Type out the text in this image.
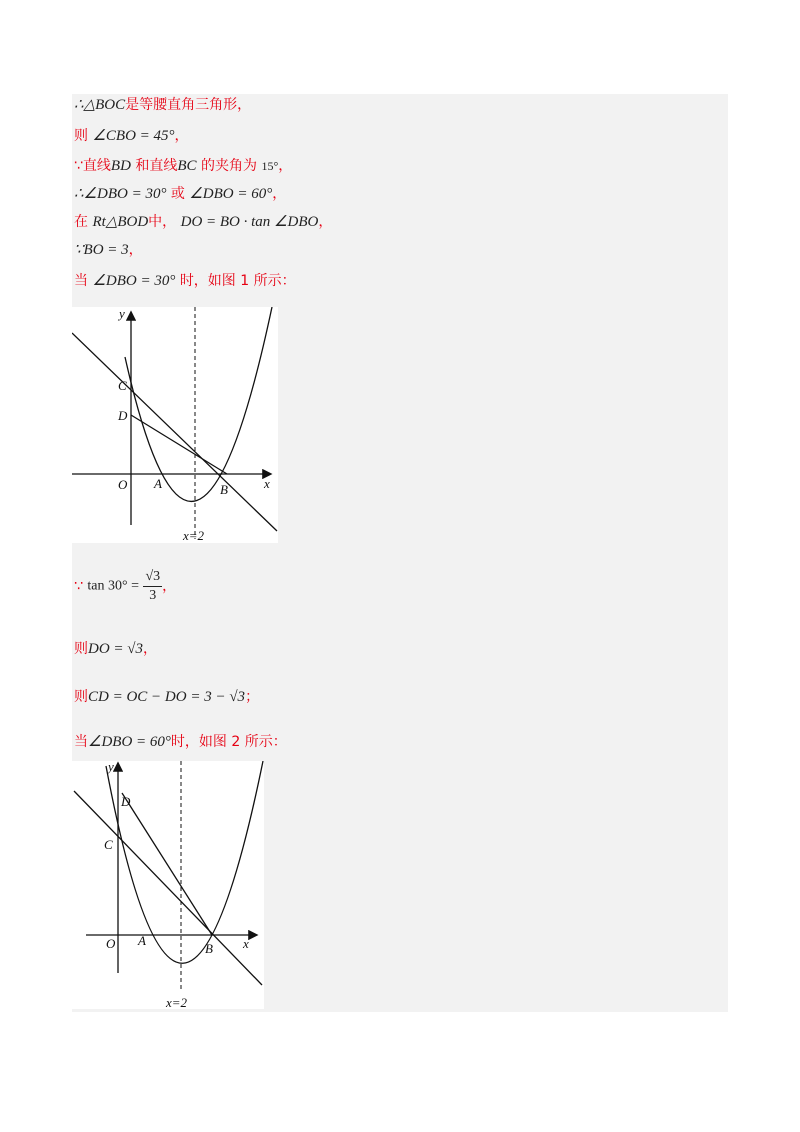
∴△BOC是等腰直角三角形，
则 ∠CBO = 45°，
∵直线BD 和直线BC 的夹角为 15°，
∴∠DBO = 30° 或 ∠DBO = 60°，
在 Rt△BOD中， DO = BO · tan ∠DBO，
∵BO = 3，
当 ∠DBO = 30° 时，如图 1 所示：
y
x
C
D
O A	B
x=2
∵ $\tan 30^\circ = \frac{√3}{3}$ ，
则DO = √3，
则CD = OC − DO = 3 − √3；
当∠DBO = 60°时，如图 2 所示：
y
x
C
D
O A
B
x=2
